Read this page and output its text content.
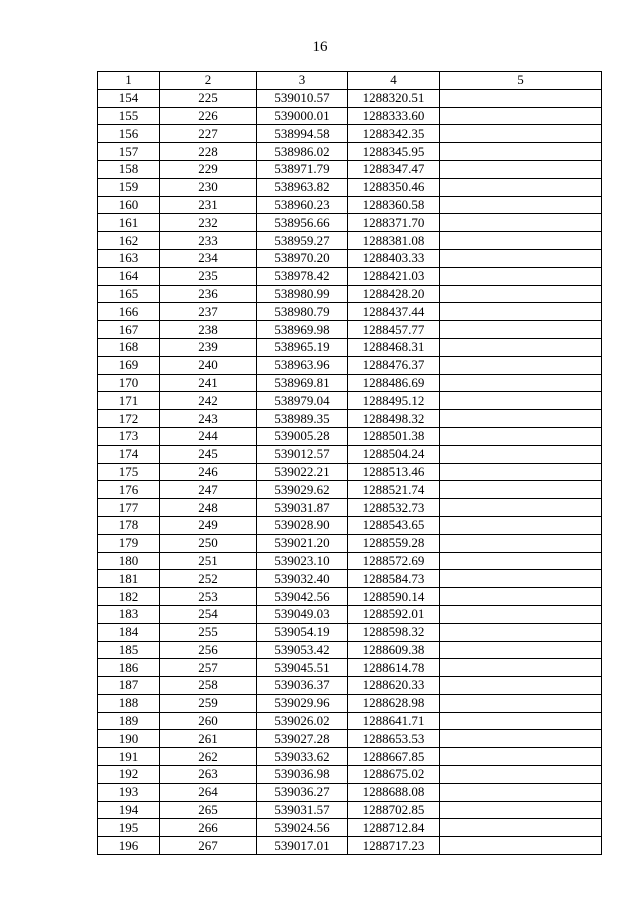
16
1	2	3	4	5
154	225	539010.57	1288320.51	
155	226	539000.01	1288333.60	
156	227	538994.58	1288342.35	
157	228	538986.02	1288345.95	
158	229	538971.79	1288347.47	
159	230	538963.82	1288350.46	
160	231	538960.23	1288360.58	
161	232	538956.66	1288371.70	
162	233	538959.27	1288381.08	
163	234	538970.20	1288403.33	
164	235	538978.42	1288421.03	
165	236	538980.99	1288428.20	
166	237	538980.79	1288437.44	
167	238	538969.98	1288457.77	
168	239	538965.19	1288468.31	
169	240	538963.96	1288476.37	
170	241	538969.81	1288486.69	
171	242	538979.04	1288495.12	
172	243	538989.35	1288498.32	
173	244	539005.28	1288501.38	
174	245	539012.57	1288504.24	
175	246	539022.21	1288513.46	
176	247	539029.62	1288521.74	
177	248	539031.87	1288532.73	
178	249	539028.90	1288543.65	
179	250	539021.20	1288559.28	
180	251	539023.10	1288572.69	
181	252	539032.40	1288584.73	
182	253	539042.56	1288590.14	
183	254	539049.03	1288592.01	
184	255	539054.19	1288598.32	
185	256	539053.42	1288609.38	
186	257	539045.51	1288614.78	
187	258	539036.37	1288620.33	
188	259	539029.96	1288628.98	
189	260	539026.02	1288641.71	
190	261	539027.28	1288653.53	
191	262	539033.62	1288667.85	
192	263	539036.98	1288675.02	
193	264	539036.27	1288688.08	
194	265	539031.57	1288702.85	
195	266	539024.56	1288712.84	
196	267	539017.01	1288717.23	
